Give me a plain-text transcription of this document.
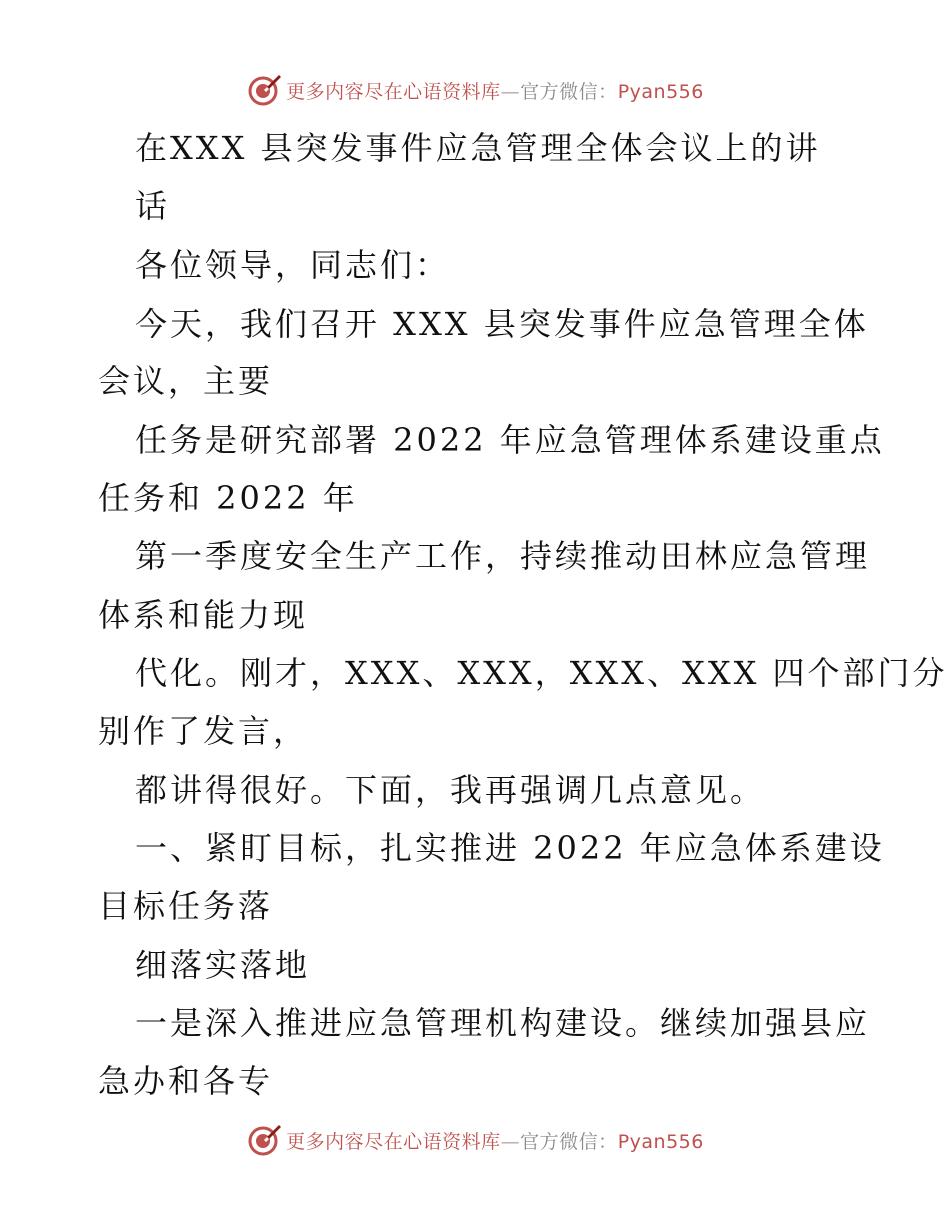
更多内容尽在心语资料库—官方微信：Pyan556
在XXX 县突发事件应急管理全体会议上的讲
话
各位领导，同志们：
今天，我们召开 XXX 县突发事件应急管理全体
会议，主要
任务是研究部署 2022 年应急管理体系建设重点
任务和 2022 年
第一季度安全生产工作，持续推动田林应急管理
体系和能力现
代化。刚才，XXX、XXX，XXX、XXX 四个部门分
别作了发言，
都讲得很好。下面，我再强调几点意见。
一、紧盯目标，扎实推进 2022 年应急体系建设
目标任务落
细落实落地
一是深入推进应急管理机构建设。继续加强县应
急办和各专
更多内容尽在心语资料库—官方微信：Pyan556
